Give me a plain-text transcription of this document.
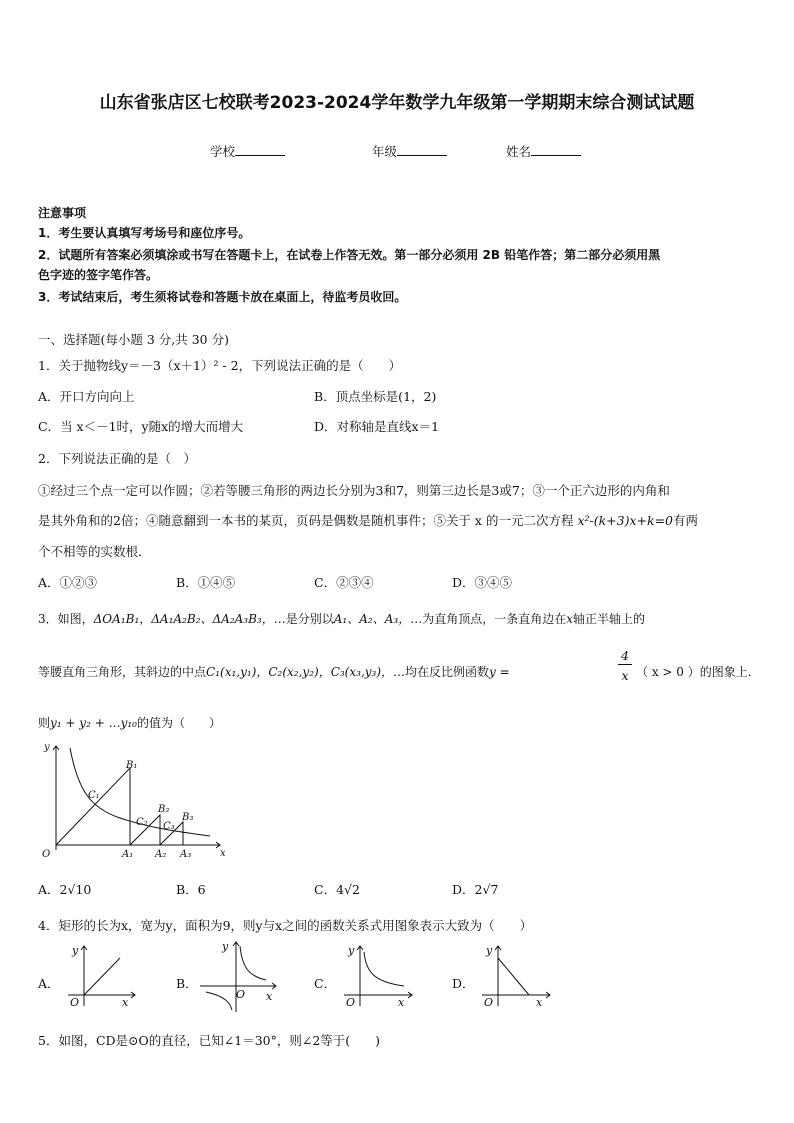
山东省张店区七校联考2023-2024学年数学九年级第一学期期末综合测试试题
学校	年级	姓名
注意事项
1．考生要认真填写考场号和座位序号。
2．试题所有答案必须填涂或书写在答题卡上，在试卷上作答无效。第一部分必须用 2B 铅笔作答；第二部分必须用黑
色字迹的签字笔作答。
3．考试结束后，考生须将试卷和答题卡放在桌面上，待监考员收回。
一、选择题(每小题 3 分,共 30 分)
1．关于抛物线y＝－3（x＋1）² - 2，下列说法正确的是（　　）
A．开口方向向上	B．顶点坐标是(1，2)
C．当 x＜－1时，y随x的增大而增大	D．对称轴是直线x＝1
2．下列说法正确的是（　）
①经过三个点一定可以作圆；②若等腰三角形的两边长分别为3和7，则第三边长是3或7；③一个正六边形的内角和
是其外角和的2倍；④随意翻到一本书的某页，页码是偶数是随机事件；⑤关于 x 的一元二次方程 x²-(k+3)x+k=0有两
个不相等的实数根．
A．①②③	B．①④⑤	C．②③④	D．③④⑤
3．如图，ΔOA₁B₁，ΔA₁A₂B₂、ΔA₂A₃B₃，…是分别以A₁、A₂、A₃，…为直角顶点，一条直角边在x轴正半轴上的
等腰直角三角形，其斜边的中点C₁(x₁,y₁)，C₂(x₂,y₂)，C₃(x₃,y₃)，…均在反比例函数y =
4
x （ x > 0 ）的图象上.
则y₁ + y₂ + …y₁₀的值为（　　）
y
x
O
B₁
B₂
B₃
C₁
C₂ C₃
A₁ A₂ A₃
A．2√10	B．6	C．4√2	D．2√7
4．矩形的长为x，宽为y，面积为9，则y与x之间的函数关系式用图象表示大致为（　　）
A．
y
x
O
B．
y
x
O
C．
y
x
O
D．
y
x
O
5．如图，CD是⊙O的直径，已知∠1＝30°，则∠2等于(　　)
